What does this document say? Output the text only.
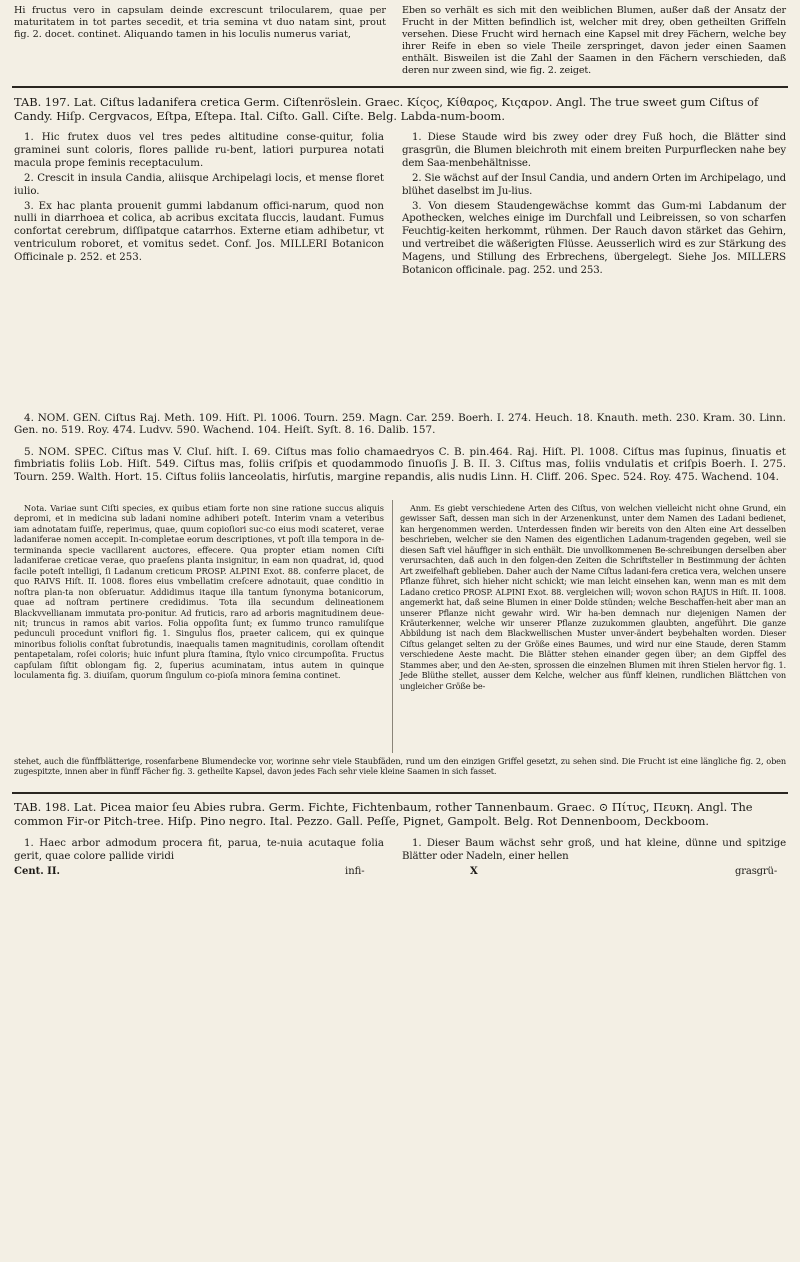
Hi fructus vero in capsulam deinde excrescunt trilocularem, quae per maturitatem in tot partes secedit, et tria semina vt duo natam sint, prout fig. 2. docet. continet. Aliquando tamen in his loculis numerus variat,
Eben so verhält es sich mit den weiblichen Blumen, außer daß der Ansatz der Frucht in der Mitten befindlich ist, welcher mit drey, oben getheilten Griffeln versehen. Diese Frucht wird hernach eine Kapsel mit drey Fächern, welche bey ihrer Reife in eben so viele Theile zerspringet, davon jeder einen Saamen enthält. Bisweilen ist die Zahl der Saamen in den Fächern verschieden, daß deren nur zween sind, wie fig. 2. zeiget.
TAB. 197. Lat. Ciſtus ladanifera cretica Germ. Ciſtenröslein. Graec. Κίςος, Κίθαρος, Κιςαρον. Angl. The true sweet gum Ciſtus of Candy. Hiſp. Cergvacos, Eſtpa, Eſtepa. Ital. Ciſto. Gall. Ciſte. Belg. Labda-num-boom.

1. Hic frutex duos vel tres pedes altitudine conse-quitur, folia graminei sunt coloris, flores pallide ru-bent, latiori purpurea notati macula prope feminis receptaculum.

2. Crescit in insula Candia, aliisque Archipelagi locis, et mense floret iulio.

3. Ex hac planta prouenit gummi labdanum offici-narum, quod non nulli in diarrhoea et colica, ab acribus excitata fluccis, laudant. Fumus confortat cerebrum, diſſipatque catarrhos. Externe etiam adhibetur, vt ventriculum roboret, et vomitus sedet. Conf. Jos. MILLERI Botanicon Officinale p. 252. et 253.

1. Diese Staude wird bis zwey oder drey Fuß hoch, die Blätter sind grasgrün, die Blumen bleichroth mit einem breiten Purpurflecken nahe bey dem Saa-menbehältnisse.

2. Sie wächst auf der Insul Candia, und andern Orten im Archipelago, und blühet daselbst im Ju-lius.

3. Von diesem Staudengewächse kommt das Gum-mi Labdanum der Apothecken, welches einige im Durchfall und Leibreissen, so von scharfen Feuchtig-keiten herkommt, rühmen. Der Rauch davon stärket das Gehirn, und vertreibet die wäßerigten Flüsse. Aeusserlich wird es zur Stärkung des Magens, und Stillung des Erbrechens, übergelegt. Siehe Jos. MILLERS Botanicon officinale. pag. 252. und 253.

4. NOM. GEN. Ciſtus Raj. Meth. 109. Hiſt. Pl. 1006. Tourn. 259. Magn. Car. 259. Boerh. I. 274. Heuch. 18. Knauth. meth. 230. Kram. 30. Linn. Gen. no. 519. Roy. 474. Ludvv. 590. Wachend. 104. Heiſt. Syſt. 8. 16. Dalib. 157.
5. NOM. SPEC. Ciſtus mas V. Cluſ. hiſt. I. 69. Ciſtus mas folio chamaedryos C. B. pin.464. Raj. Hiſt. Pl. 1008. Ciſtus mas ſupinus, ſinuatis et fimbriatis foliis Lob. Hiſt. 549. Ciſtus mas, foliis criſpis et quodammodo ſinuoſis J. B. II. 3. Ciſtus mas, foliis vndulatis et criſpis Boerh. I. 275. Tourn. 259. Walth. Hort. 15. Ciſtus foliis lanceolatis, hirſutis, margine repandis, alis nudis Linn. H. Cliff. 206. Spec. 524. Roy. 475. Wachend. 104.
Nota. Variae sunt Ciſti species, ex quibus etiam forte non sine ratione succus aliquis depromi, et in medicina sub ladani nomine adhiberi poteſt. Interim vnam a veteribus iam adnotatam fuiſſe, reperimus, quae, quum copioſiori suc-co eius modi scateret, verae ladaniferae nomen accepit. In-completae eorum descriptiones, vt poſt illa tempora in de-terminanda specie vacillarent auctores, effecere. Qua propter etiam nomen Ciſti ladaniferae creticae verae, quo praeſens planta insignitur, in eam non quadrat, id, quod facile poteſt intelligi, ſi Ladanum creticum PROSP. ALPINI Exot. 88. conferre placet, de quo RAIVS Hiſt. II. 1008. flores eius vmbellatim creſcere adnotauit, quae conditio in noſtra plan-ta non obſeruatur. Addidimus itaque illa tantum ſynonyma botanicorum, quae ad noſtram pertinere credidimus. Tota illa secundum delineationem Blackvvellianam immutata pro-ponitur. Ad fruticis, raro ad arboris magnitudinem deue-nit; truncus in ramos abit varios. Folia oppoſita ſunt; ex ſummo trunco ramuliſque pedunculi procedunt vniflori fig. 1. Singulus flos, praeter calicem, qui ex quinque minoribus foliolis conſtat ſubrotundis, inaequalis tamen magnitudinis, corollam oſtendit pentapetalam, roſei coloris; huic infunt plura ſtamina, ſtylo vnico circumpoſita. Fructus capſulam ſiſtit oblongam fig. 2, ſuperius acuminatam, intus autem in quinque loculamenta fig. 3. diuiſam, quorum ſingulum co-pioſa minora ſemina continet.
Anm. Es giebt verschiedene Arten des Ciſtus, von welchen vielleicht nicht ohne Grund, ein gewisser Saft, dessen man sich in der Arzenenkunst, unter dem Namen des Ladani bedienet, kan hergenommen werden. Unterdessen finden wir bereits von den Alten eine Art desselben beschrieben, welcher sie den Namen des eigentlichen Ladanum-tragenden gegeben, weil sie diesen Saft viel häuffiger in sich enthält. Die unvollkommenen Be-schreibungen derselben aber verursachten, daß auch in den folgen-den Zeiten die Schriftsteller in Bestimmung der ächten Art zweifelhaft geblieben. Daher auch der Name Ciſtus ladani-fera cretica vera, welchen unsere Pflanze führet, sich hieher nicht schickt; wie man leicht einsehen kan, wenn man es mit dem Ladano cretico PROSP. ALPINI Exot. 88. vergleichen will; wovon schon RAJUS in Hiſt. II. 1008. angemerkt hat, daß seine Blumen in einer Dolde stünden; welche Beschaffen-heit aber man an unserer Pflanze nicht gewahr wird. Wir ha-ben demnach nur diejenigen Namen der Kräuterkenner, welche wir unserer Pflanze zuzukommen glaubten, angeführt. Die ganze Abbildung ist nach dem Blackwellischen Muster unver-ändert beybehalten worden. Dieser Ciſtus gelanget selten zu der Größe eines Baumes, und wird nur eine Staude, deren Stamm verschiedene Aeste macht. Die Blätter stehen einander gegen über; an dem Gipffel des Stammes aber, und den Ae-sten, sprossen die einzelnen Blumen mit ihren Stielen hervor fig. 1. Jede Blüthe stellet, ausser dem Kelche, welcher aus fünff kleinen, rundlichen Blättchen von ungleicher Größe be-
stehet, auch die fünffblätterige, rosenfarbene Blumendecke vor, worinne sehr viele Staubfäden, rund um den einzigen Griffel gesetzt, zu sehen sind. Die Frucht ist eine längliche fig. 2, oben zugespitzte, innen aber in fünff Fächer fig. 3. getheilte Kapsel, davon jedes Fach sehr viele kleine Saamen in sich fasset.
TAB. 198. Lat. Picea maior ſeu Abies rubra. Germ. Fichte, Fichtenbaum, rother Tannenbaum. Graec. ⊙ Πίτυς, Πευκη. Angl. The common Fir-or Pitch-tree. Hiſp. Pino negro. Ital. Pezzo. Gall. Peſſe, Pignet, Gampolt. Belg. Rot Dennenboom, Deckboom.
1. Haec arbor admodum procera fit, parua, te-nuia acutaque folia gerit, quae colore pallide viridi
1. Dieser Baum wächst sehr groß, und hat kleine, dünne und spitzige Blätter oder Nadeln, einer hellen
Cent. II.	infi-	X	grasgrü-
